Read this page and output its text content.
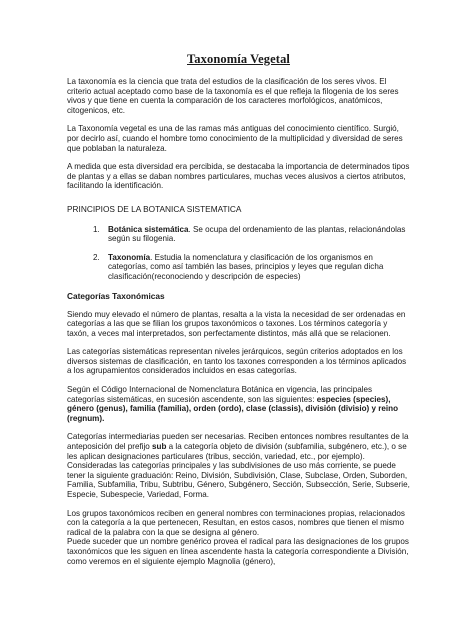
Taxonomía Vegetal

La taxonomía es la ciencia que trata del estudios de la clasificación de los seres vivos. El criterio actual aceptado como base de la taxonomía es el que refleja la filogenia de los seres vivos y que tiene en cuenta la comparación de los caracteres morfológicos, anatómicos, citogenicos, etc.

La Taxonomía vegetal es una de las ramas más antiguas del conocimiento científico. Surgió, por decirlo así, cuando el hombre tomo conocimiento de la multiplicidad y diversidad de seres que poblaban la naturaleza.

A medida que esta diversidad era percibida, se destacaba la importancia de determinados tipos de plantas y a ellas se daban nombres particulares, muchas veces alusivos a ciertos atributos, facilitando la identificación.

PRINCIPIOS DE LA BOTANICA SISTEMATICA
1. Botánica sistemática. Se ocupa del ordenamiento de las plantas, relacionándolas según su filogenia.
2. Taxonomía. Estudia la nomenclatura y clasificación de los organismos en categorías, como así también las bases, principios y leyes que regulan dicha clasificación(reconociendo y descripción de especies)
Categorías Taxonómicas

Siendo muy elevado el número de plantas, resalta a la vista la necesidad de ser ordenadas en categorías a las que se filian los grupos taxonómicos o taxones. Los términos categoría y taxón, a veces mal interpretados, son perfectamente distintos, más allá que se relacionen.

Las categorías sistemáticas representan niveles jerárquicos, según criterios adoptados en los diversos sistemas de clasificación, en tanto los taxones corresponden a los términos aplicados a los agrupamientos considerados incluidos en esas categorías.

Según el Código Internacional de Nomenclatura Botánica en vigencia, las principales categorías sistemáticas, en sucesión ascendente, son las siguientes: especies (species), género (genus), familia (familia), orden (ordo), clase (classis), división (divisio) y reino (regnum).

Categorías intermediarias pueden ser necesarias. Reciben entonces nombres resultantes de la anteposición del prefijo sub a la categoría objeto de división (subfamilia, subgénero, etc.), o se les aplican designaciones particulares (tribus, sección, variedad, etc., por ejemplo).

Consideradas las categorías principales y las subdivisiones de uso más corriente, se puede tener la siguiente graduación: Reino, División, Subdivisión, Clase, Subclase, Orden, Suborden, Familia, Subfamilia, Tribu, Subtribu, Género, Subgénero, Sección, Subsección, Serie, Subserie, Especie, Subespecie, Variedad, Forma.

Los grupos taxonómicos reciben en general nombres con terminaciones propias, relacionados con la categoría a la que pertenecen, Resultan, en estos casos, nombres que tienen el mismo radical de la palabra con la que se designa al género.

Puede suceder que un nombre genérico provea el radical para las designaciones de los grupos taxonómicos que les siguen en línea ascendente hasta la categoría correspondiente a División, como veremos en el siguiente ejemplo Magnolia (género),
